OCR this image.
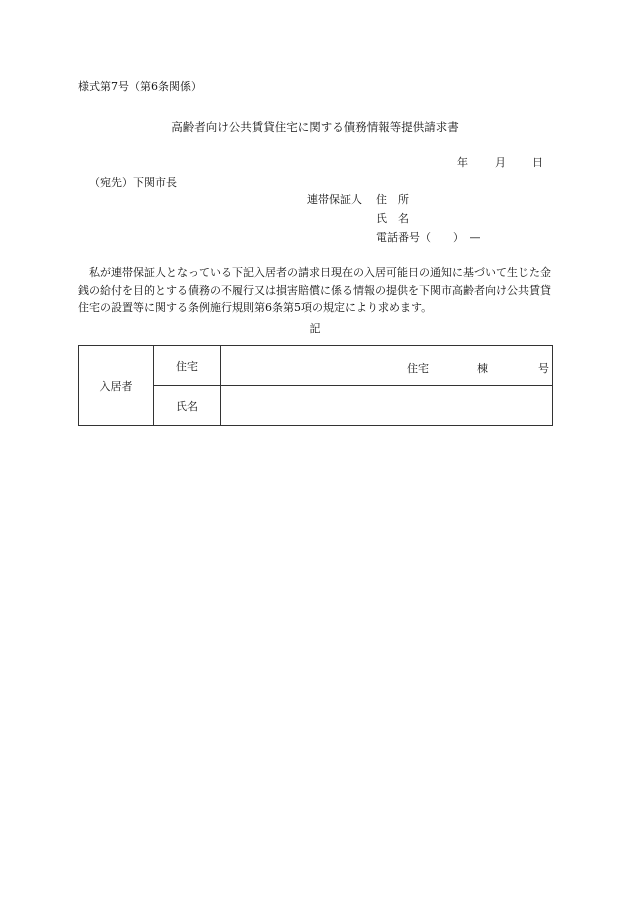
様式第7号（第6条関係）
高齢者向け公共賃貸住宅に関する債務情報等提供請求書
年 月 日
（宛先）下関市長
連帯保証人 住　所
氏　名
電話番号（　　）　—
私が連帯保証人となっている下記入居者の請求日現在の入居可能日の通知に基づいて生じた金銭の給付を目的とする債務の不履行又は損害賠償に係る情報の提供を下関市高齢者向け公共賃貸住宅の設置等に関する条例施行規則第6条第5項の規定により求めます。
記
入居者	住宅	住宅 棟 号

	氏名	
